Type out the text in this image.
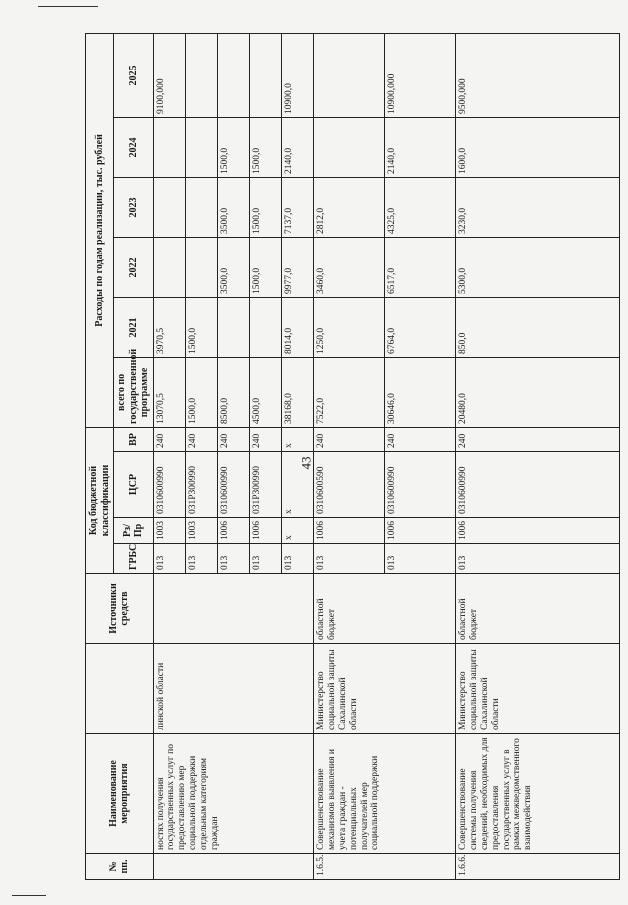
43
№ пп.	Наименование мероприятия		Источники средств	Код бюджетной классификации				Расходы по годам реализации, тыс. рублей					
				ГРБС	Рз/Пр	ЦСР	ВР	всего по государственной программе	2021	2022	2023	2024	2025
	ностях получения государственных услуг по предоставлению мер социальной поддержки отдельным категориям граждан	линской области		013	1003	0310600990	240	13070,5	3970,5				9100,000
				013	1003	031P300990	240	1500,0	1500,0				
				013	1006	0310600990	240	8500,0		3500,0	3500,0	1500,0	
				013	1006	031P300990	240	4500,0		1500,0	1500,0	1500,0	
				013	x	x	x	38168,0	8014,0	9977,0	7137,0	2140,0	10900,0
1.6.5.	Совершенствование механизмов выявления и учета граждан - потенциальных получателей мер социальной поддержки	Министерство социальной защиты Сахалинской области	областной бюджет	013	1006	0310600590	240	7522,0	1250,0	3460,0	2812,0		
				013	1006	0310600990	240	30646,0	6764,0	6517,0	4325,0	2140,0	10900,000
1.6.6.	Совершенствование системы получения сведений, необходимых для предоставления государственных услуг в рамках межведомственного взаимодействия	Министерство социальной защиты Сахалинской области	областной бюджет	013	1006	0310600990	240	20480,0	850,0	5300,0	3230,0	1600,0	9500,000
